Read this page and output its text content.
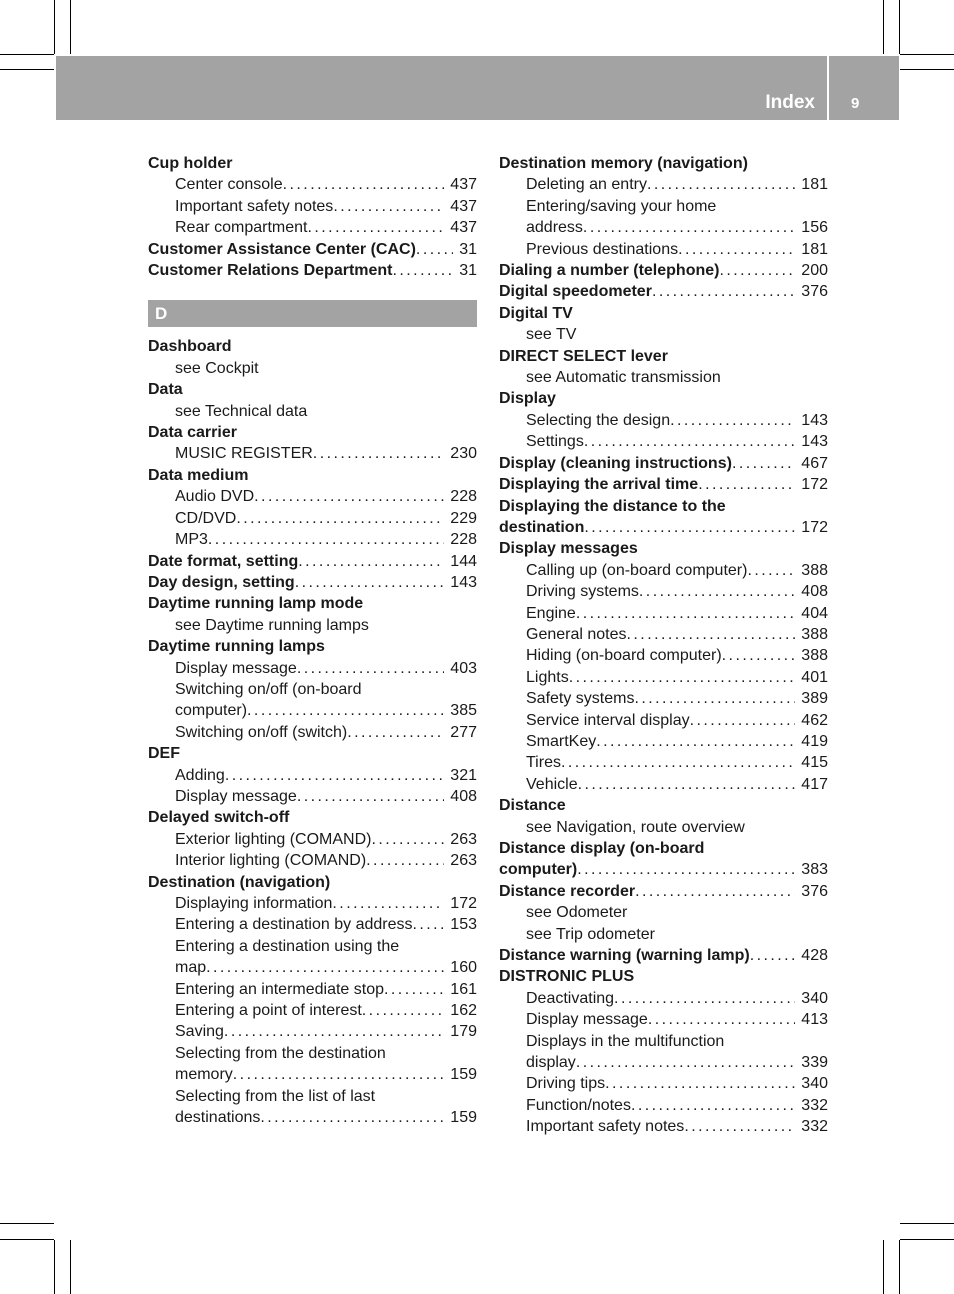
Index 9
Cup holder
Center console . . .	437
Important safety notes . . .	437
Rear compartment . . .	437
Customer Assistance Center (CAC) . . .	31
Customer Relations Department . . .	31
D
Dashboard
see Cockpit
Data
see Technical data
Data carrier
MUSIC REGISTER . . .	230
Data medium
Audio DVD . . .	228
CD/DVD . . .	229
MP3 . . .	228
Date format, setting . . .	144
Day design, setting . . .	143
Daytime running lamp mode
see Daytime running lamps
Daytime running lamps
Display message . . .	403
Switching on/off (on-board
computer) . . .	385
Switching on/off (switch) . . .	277
DEF
Adding . . .	321
Display message . . .	408
Delayed switch-off
Exterior lighting (COMAND) . . .	263
Interior lighting (COMAND) . . .	263
Destination (navigation)
Displaying information . . .	172
Entering a destination by address . . .	153
Entering a destination using the
map . . .	160
Entering an intermediate stop . . .	161
Entering a point of interest . . .	162
Saving . . .	179
Selecting from the destination
memory . . .	159
Selecting from the list of last
destinations . . .	159
Destination memory (navigation)
Deleting an entry . . .	181
Entering/saving your home
address . . .	156
Previous destinations . . .	181
Dialing a number (telephone) . . .	200
Digital speedometer . . .	376
Digital TV
see TV
DIRECT SELECT lever
see Automatic transmission
Display
Selecting the design . . .	143
Settings . . .	143
Display (cleaning instructions) . . .	467
Displaying the arrival time . . .	172
Displaying the distance to the
destination . . .	172
Display messages
Calling up (on-board computer) . . .	388
Driving systems . . .	408
Engine . . .	404
General notes . . .	388
Hiding (on-board computer) . . .	388
Lights . . .	401
Safety systems . . .	389
Service interval display . . .	462
SmartKey . . .	419
Tires . . .	415
Vehicle . . .	417
Distance
see Navigation, route overview
Distance display (on-board
computer) . . .	383
Distance recorder . . .	376
see Odometer
see Trip odometer
Distance warning (warning lamp) . . .	428
DISTRONIC PLUS
Deactivating . . .	340
Display message . . .	413
Displays in the multifunction
display . . .	339
Driving tips . . .	340
Function/notes . . .	332
Important safety notes . . .	332
